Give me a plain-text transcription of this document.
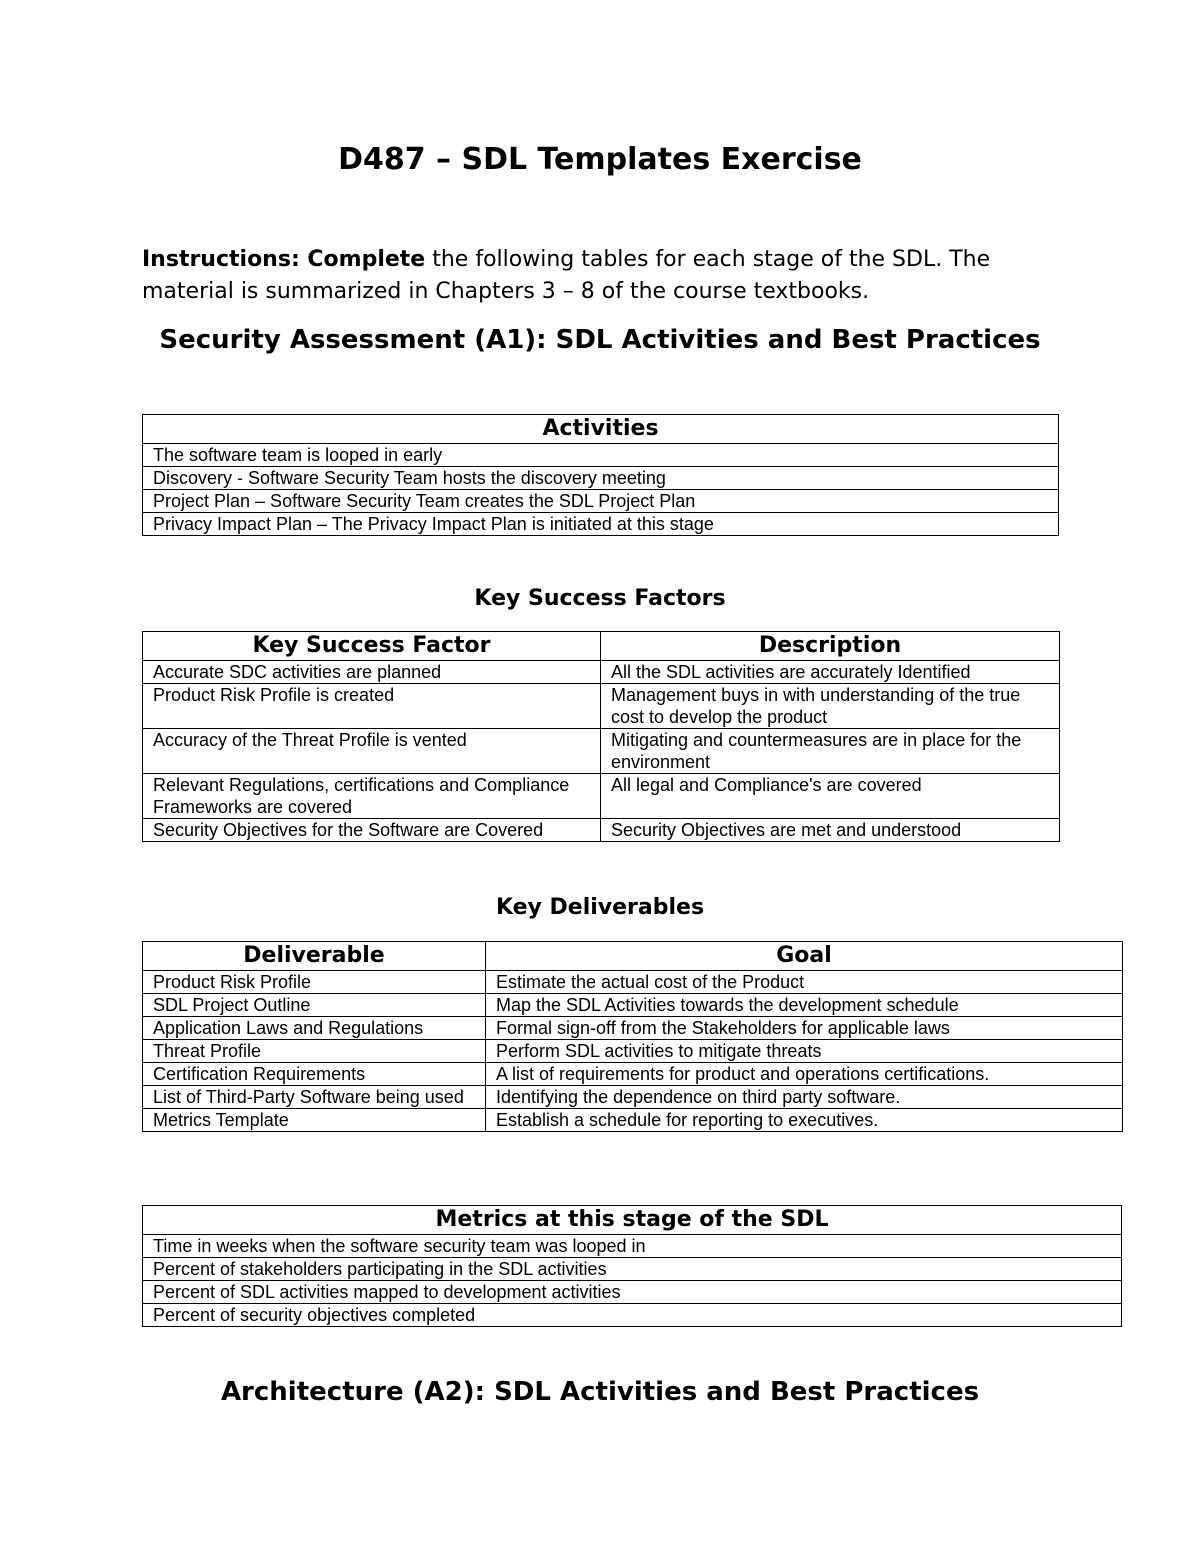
D487 – SDL Templates Exercise

Instructions: Complete the following tables for each stage of the SDL. The material is summarized in Chapters 3 – 8 of the course textbooks.

Security Assessment (A1): SDL Activities and Best Practices
Activities
The software team is looped in early
Discovery - Software Security Team hosts the discovery meeting
Project Plan – Software Security Team creates the SDL Project Plan
Privacy Impact Plan – The Privacy Impact Plan is initiated at this stage
Key Success Factors
Key Success Factor	Description
Accurate SDC activities are planned	All the SDL activities are accurately Identified
Product Risk Profile is created	Management buys in with understanding of the true cost to develop the product
Accuracy of the Threat Profile is vented	Mitigating and countermeasures are in place for the environment
Relevant Regulations, certifications and Compliance Frameworks are covered	All legal and Compliance's are covered
Security Objectives for the Software are Covered	Security Objectives are met and understood
Key Deliverables
Deliverable	Goal
Product Risk Profile	Estimate the actual cost of the Product
SDL Project Outline	Map the SDL Activities towards the development schedule
Application Laws and Regulations	Formal sign-off from the Stakeholders for applicable laws
Threat Profile	Perform SDL activities to mitigate threats
Certification Requirements	A list of requirements for product and operations certifications.
List of Third-Party Software being used	Identifying the dependence on third party software.
Metrics Template	Establish a schedule for reporting to executives.
Metrics at this stage of the SDL
Time in weeks when the software security team was looped in
Percent of stakeholders participating in the SDL activities
Percent of SDL activities mapped to development activities
Percent of security objectives completed
Architecture (A2): SDL Activities and Best Practices
